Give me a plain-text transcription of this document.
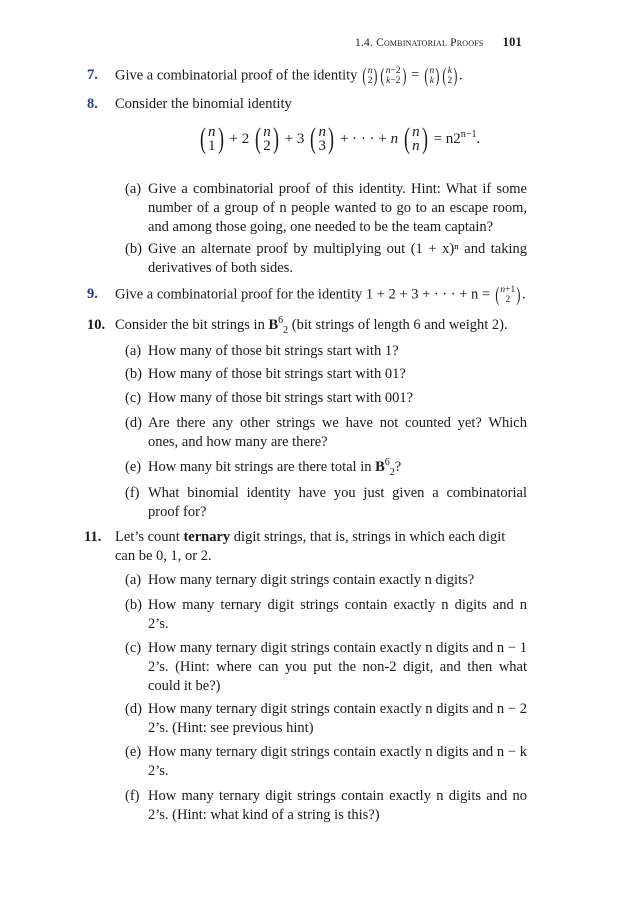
1.4. Combinatorial Proofs 101
7. Give a combinatorial proof of the identity ( n
2 ) ( n−2
k−2 ) = ( n
k ) ( k
2 ) .
8. Consider the binomial identity
( n
1 ) + 2 ( n
2 ) + 3 ( n
3 ) + · · · + n ( n
n ) = $n2^{n-1}$.
(a) Give a combinatorial proof of this identity. Hint: What if some number of a group of n people wanted to go to an escape room, and among those going, one needed to be the team captain?
(b) Give an alternate proof by multiplying out (1 + x)ⁿ and taking derivatives of both sides.
9. Give a combinatorial proof for the identity 1 + 2 + 3 + · · · + n = ( n+1
2 ) .
10. Consider the bit strings in $B^6_2$ (bit strings of length 6 and weight 2).
(a) How many of those bit strings start with 1?
(b) How many of those bit strings start with 01?
(c) How many of those bit strings start with 001?
(d) Are there any other strings we have not counted yet? Which ones, and how many are there?
(e) How many bit strings are there total in $B^6_2$?
(f) What binomial identity have you just given a combinatorial proof for?
11. Let’s count ternary digit strings, that is, strings in which each digit can be 0, 1, or 2.
(a) How many ternary digit strings contain exactly n digits?
(b) How many ternary digit strings contain exactly n digits and n 2’s.
(c) How many ternary digit strings contain exactly n digits and n − 1 2’s. (Hint: where can you put the non-2 digit, and then what could it be?)
(d) How many ternary digit strings contain exactly n digits and n − 2 2’s. (Hint: see previous hint)
(e) How many ternary digit strings contain exactly n digits and n − k 2’s.
(f) How many ternary digit strings contain exactly n digits and no 2’s. (Hint: what kind of a string is this?)
